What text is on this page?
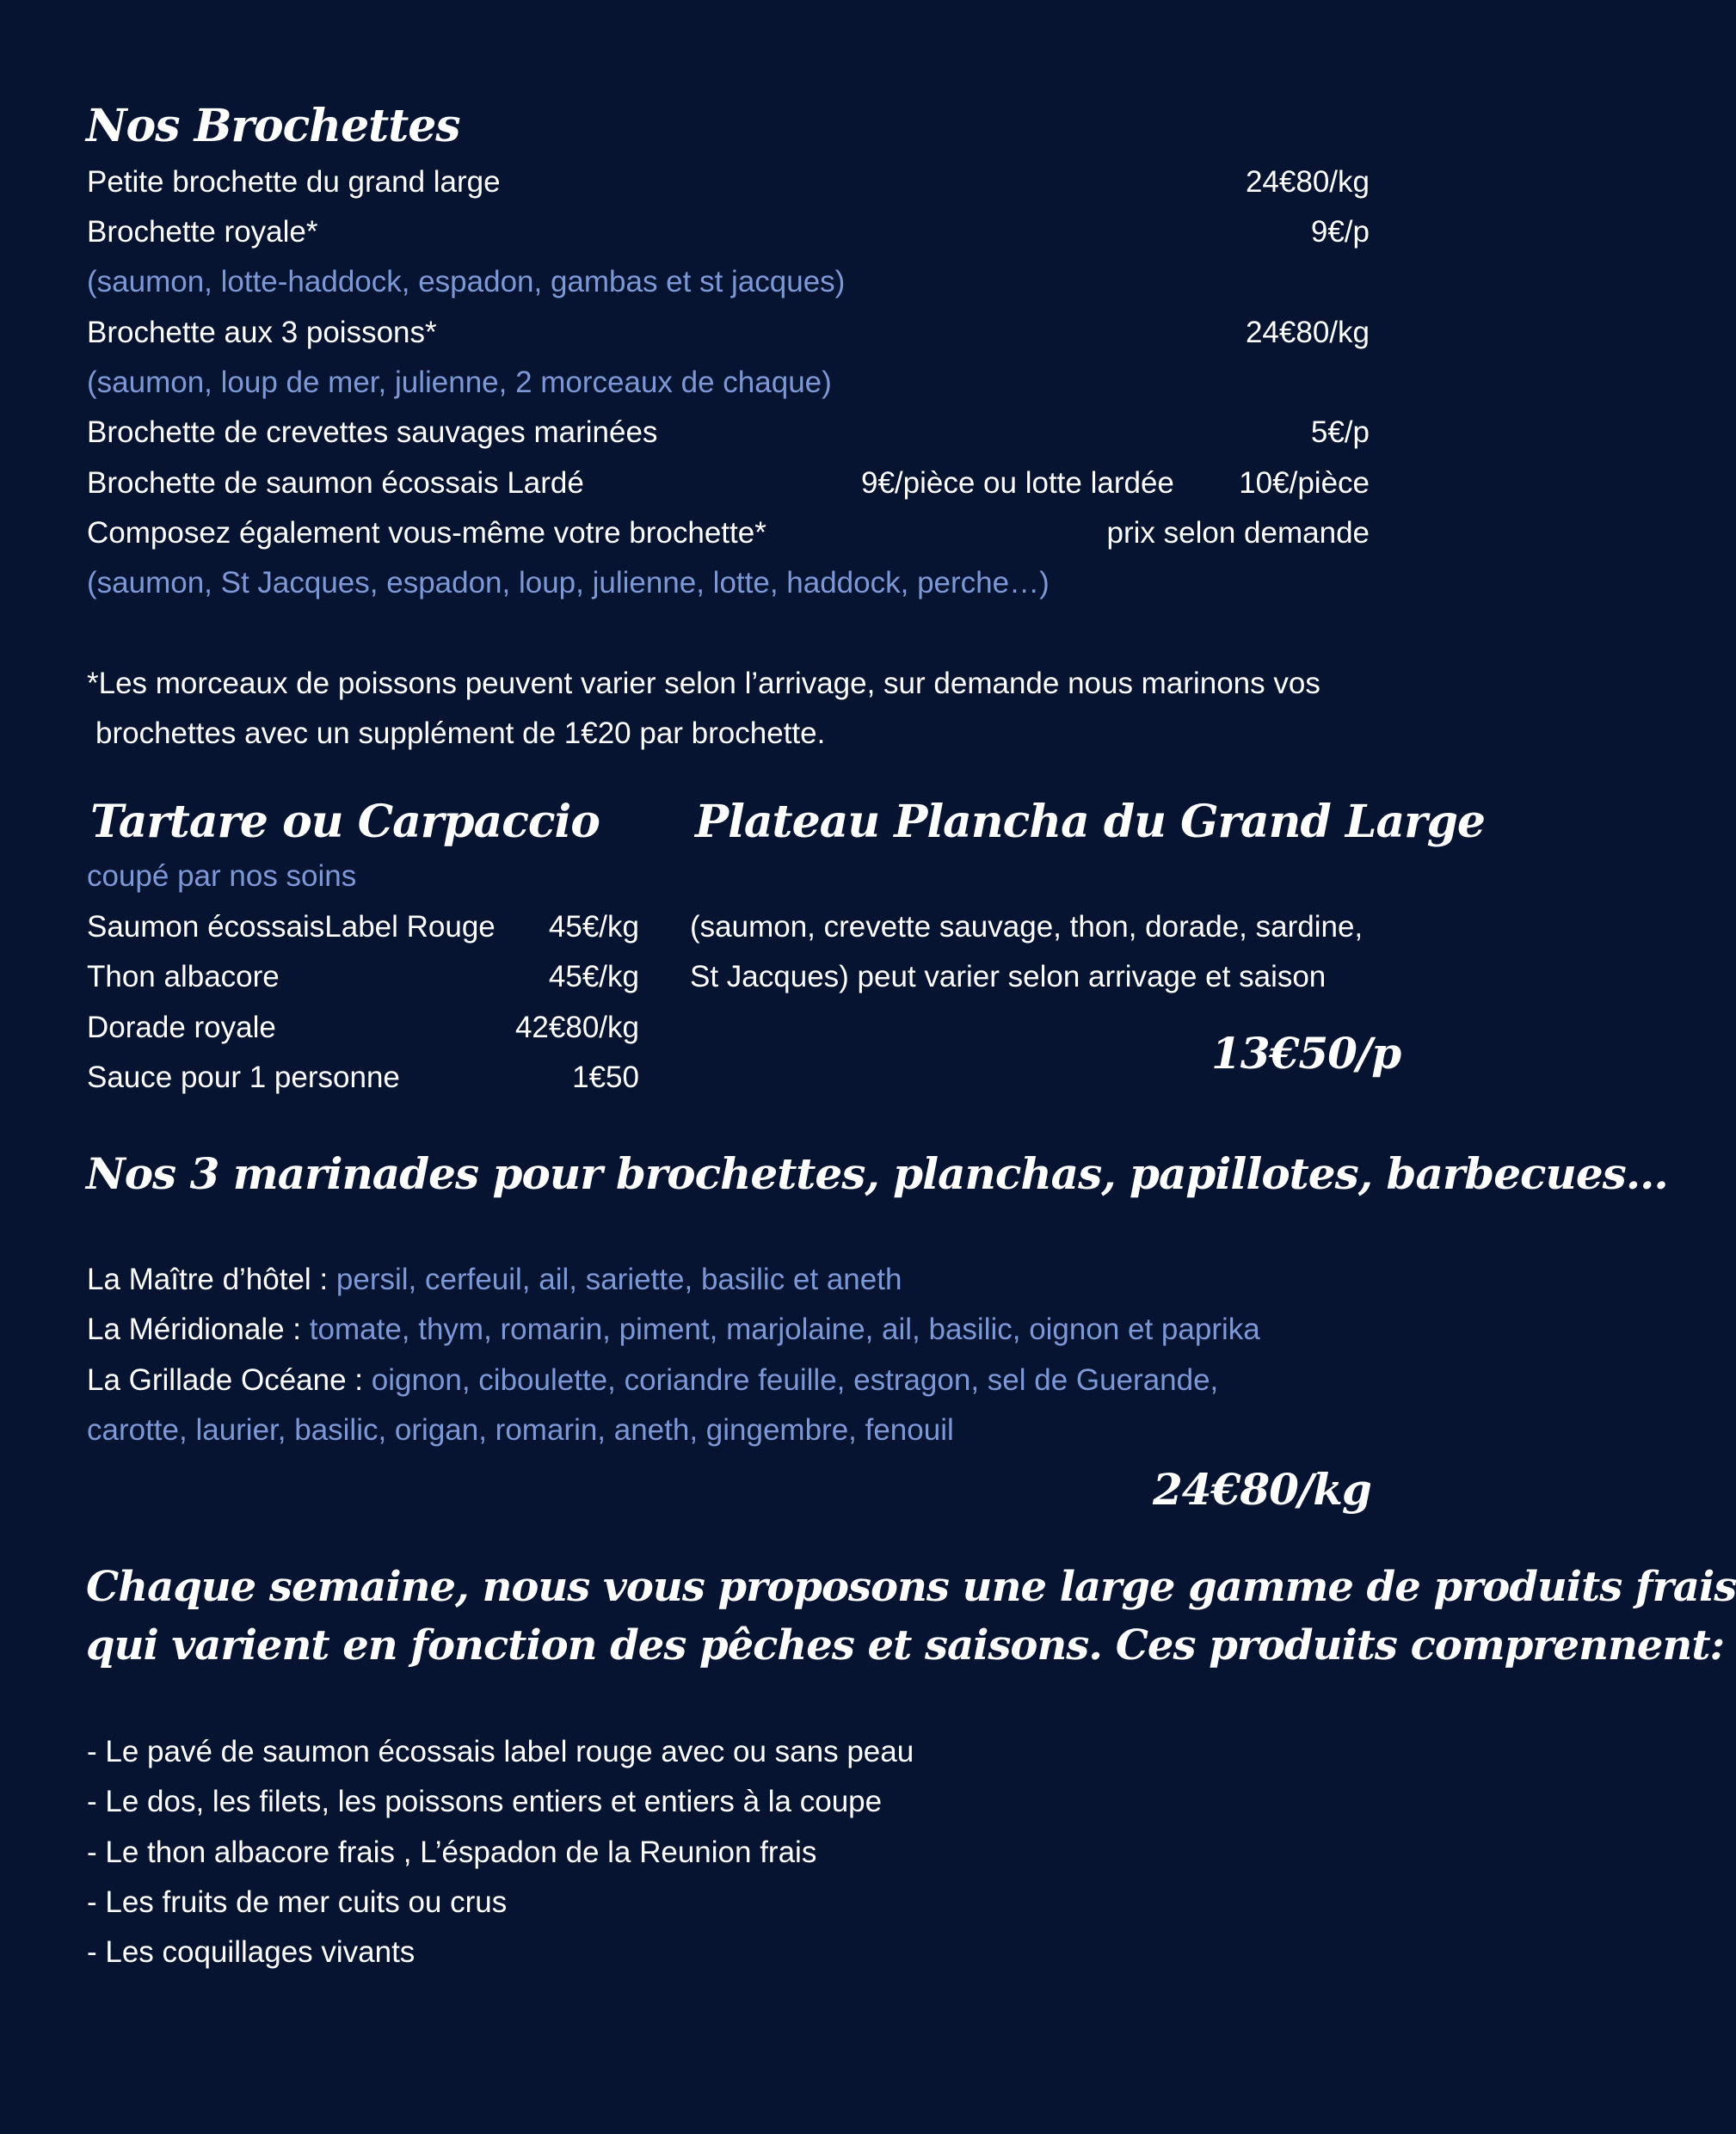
Nos Brochettes
Petite brochette du grand large	24€80/kg
Brochette royale*	9€/p
(saumon, lotte-haddock, espadon, gambas et st jacques)
Brochette aux 3 poissons*	24€80/kg
(saumon, loup de mer, julienne, 2 morceaux de chaque)
Brochette de crevettes sauvages marinées	5€/p
Brochette de saumon écossais Lardé	9€/pièce ou lotte lardée 10€/pièce
Composez également vous-même votre brochette*	prix selon demande
(saumon, St Jacques, espadon, loup, julienne, lotte, haddock, perche…)
*Les morceaux de poissons peuvent varier selon l’arrivage, sur demande nous marinons vos
brochettes avec un supplément de 1€20 par brochette.
Tartare ou Carpaccio
coupé par nos soins
Saumon écossaisLabel Rouge 45€/kg
Thon albacore	45€/kg
Dorade royale	42€80/kg
Sauce pour 1 personne	1€50
Plateau Plancha du Grand Large
(saumon, crevette sauvage, thon, dorade, sardine,
St Jacques) peut varier selon arrivage et saison
13€50/p
Nos 3 marinades pour brochettes, planchas, papillotes, barbecues…
La Maître d’hôtel : persil, cerfeuil, ail, sariette, basilic et aneth
La Méridionale : tomate, thym, romarin, piment, marjolaine, ail, basilic, oignon et paprika
La Grillade Océane : oignon, ciboulette, coriandre feuille, estragon, sel de Guerande,
carotte, laurier, basilic, origan, romarin, aneth, gingembre, fenouil
24€80/kg
Chaque semaine, nous vous proposons une large gamme de produits frais
qui varient en fonction des pêches et saisons. Ces produits comprennent:
- Le pavé de saumon écossais label rouge avec ou sans peau
- Le dos, les filets, les poissons entiers et entiers à la coupe
- Le thon albacore frais , L’éspadon de la Reunion frais
- Les fruits de mer cuits ou crus
- Les coquillages vivants
